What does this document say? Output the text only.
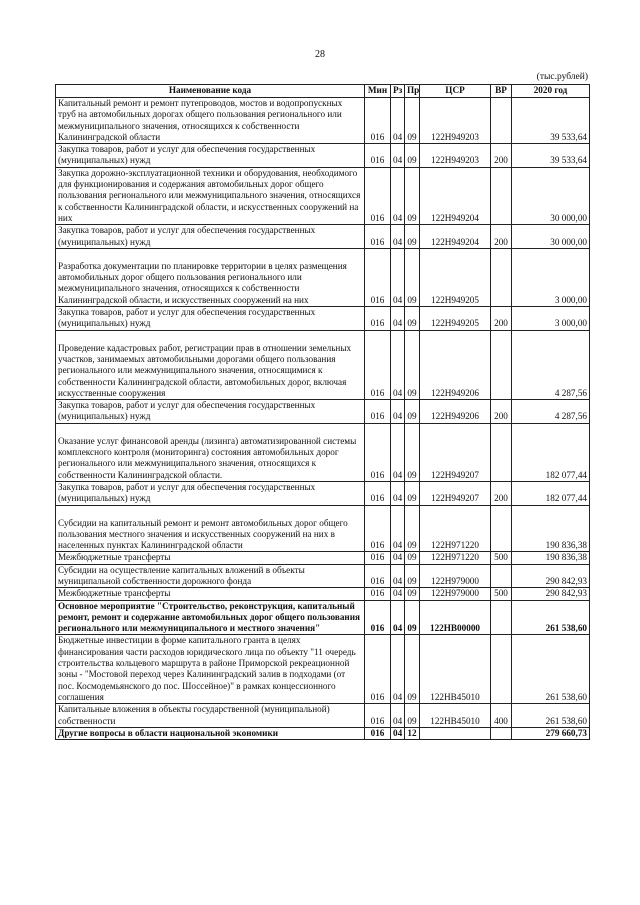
28
(тыс.рублей)
Наименование кода	Мин	Рз	Пр	ЦСР	ВР	2020 год
Капитальный ремонт и ремонт путепроводов, мостов и водопропускных труб на автомобильных дорогах общего пользования регионального или межмуниципального значения, относящихся к собственности Калининградской области	016	04	09	122H949203		39 533,64
Закупка товаров, работ и услуг для обеспечения государственных (муниципальных) нужд	016	04	09	122H949203	200	39 533,64
Закупка дорожно-эксплуатационной техники и оборудования, необходимого для функционирования и содержания автомобильных дорог общего пользования регионального или межмуниципального значения, относящихся к собственности Калининградской области, и искусственных сооружений на них	016	04	09	122H949204		30 000,00
Закупка товаров, работ и услуг для обеспечения государственных (муниципальных) нужд	016	04	09	122H949204	200	30 000,00
Разработка документации по планировке территории в целях размещения автомобильных дорог общего пользования регионального или межмуниципального значения, относящихся к собственности Калининградской области, и искусственных сооружений на них	016	04	09	122H949205		3 000,00
Закупка товаров, работ и услуг для обеспечения государственных (муниципальных) нужд	016	04	09	122H949205	200	3 000,00
Проведение кадастровых работ, регистрации прав в отношении земельных участков, занимаемых автомобильными дорогами общего пользования регионального или межмуниципального значения, относящимися к собственности Калининградской области, автомобильных дорог, включая искусственные сооружения	016	04	09	122H949206		4 287,56
Закупка товаров, работ и услуг для обеспечения государственных (муниципальных) нужд	016	04	09	122H949206	200	4 287,56
Оказание услуг финансовой аренды (лизинга) автоматизированной системы комплексного контроля (мониторинга) состояния автомобильных дорог регионального или межмуниципального значения, относящихся к собственности Калининградской области.	016	04	09	122H949207		182 077,44
Закупка товаров, работ и услуг для обеспечения государственных (муниципальных) нужд	016	04	09	122H949207	200	182 077,44
Субсидии на капитальный ремонт и ремонт автомобильных дорог общего пользования местного значения и искусственных сооружений на них в населенных пунктах Калининградской области	016	04	09	122H971220		190 836,38
Межбюджетные трансферты	016	04	09	122H971220	500	190 836,38
Субсидии на осуществление капитальных вложений в объекты муниципальной собственности дорожного фонда	016	04	09	122H979000		290 842,93
Межбюджетные трансферты	016	04	09	122H979000	500	290 842,93
Основное мероприятие "Строительство, реконструкция, капитальный ремонт, ремонт и содержание автомобильных дорог общего пользования регионального или межмуниципального и местного значения"	016	04	09	122HB00000		261 538,60
Бюджетные инвестиции в форме капитального гранта в целях финансирования части расходов юридического лица по объекту "11 очередь строительства кольцевого маршрута в районе Приморской рекреационной зоны - "Мостовой переход через Калининградский залив в подходами (от пос. Космодемьянского до пос. Шоссейное)" в рамках концессионного соглашения	016	04	09	122HB45010		261 538,60
Капитальные вложения в объекты государственной (муниципальной) собственности	016	04	09	122HB45010	400	261 538,60
Другие вопросы в области национальной экономики	016	04	12			279 660,73
